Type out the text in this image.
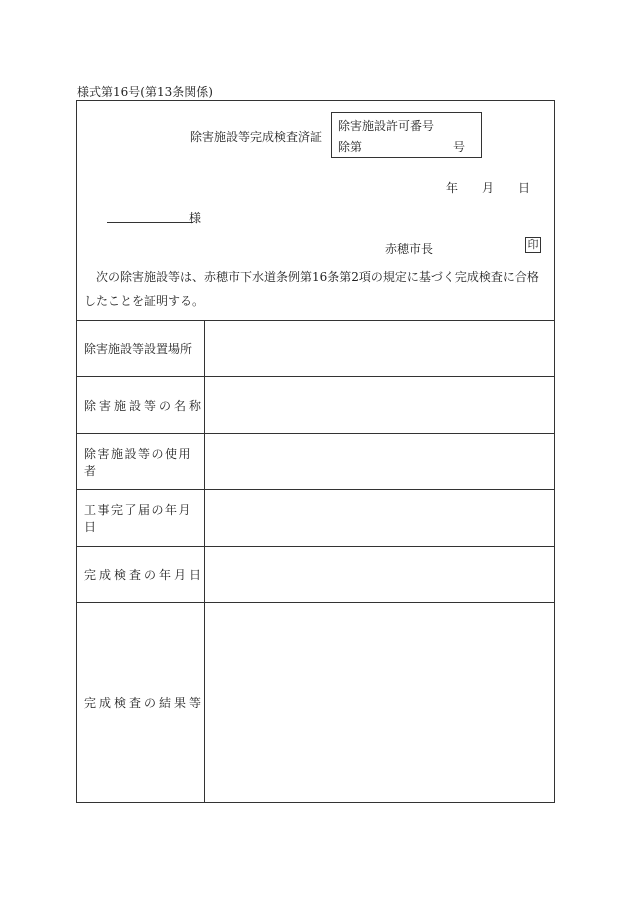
様式第16号(第13条関係)
除害施設等完成検査済証
除害施設許可番号
除第	号
年 月 日
様
赤穂市長	印
次の除害施設等は、赤穂市下水道条例第16条第2項の規定に基づく完成検査に合格したことを証明する。
除害施設等設置場所
除害施設等の名称
除害施設等の使用者
工事完了届の年月日
完成検査の年月日
完成検査の結果等
